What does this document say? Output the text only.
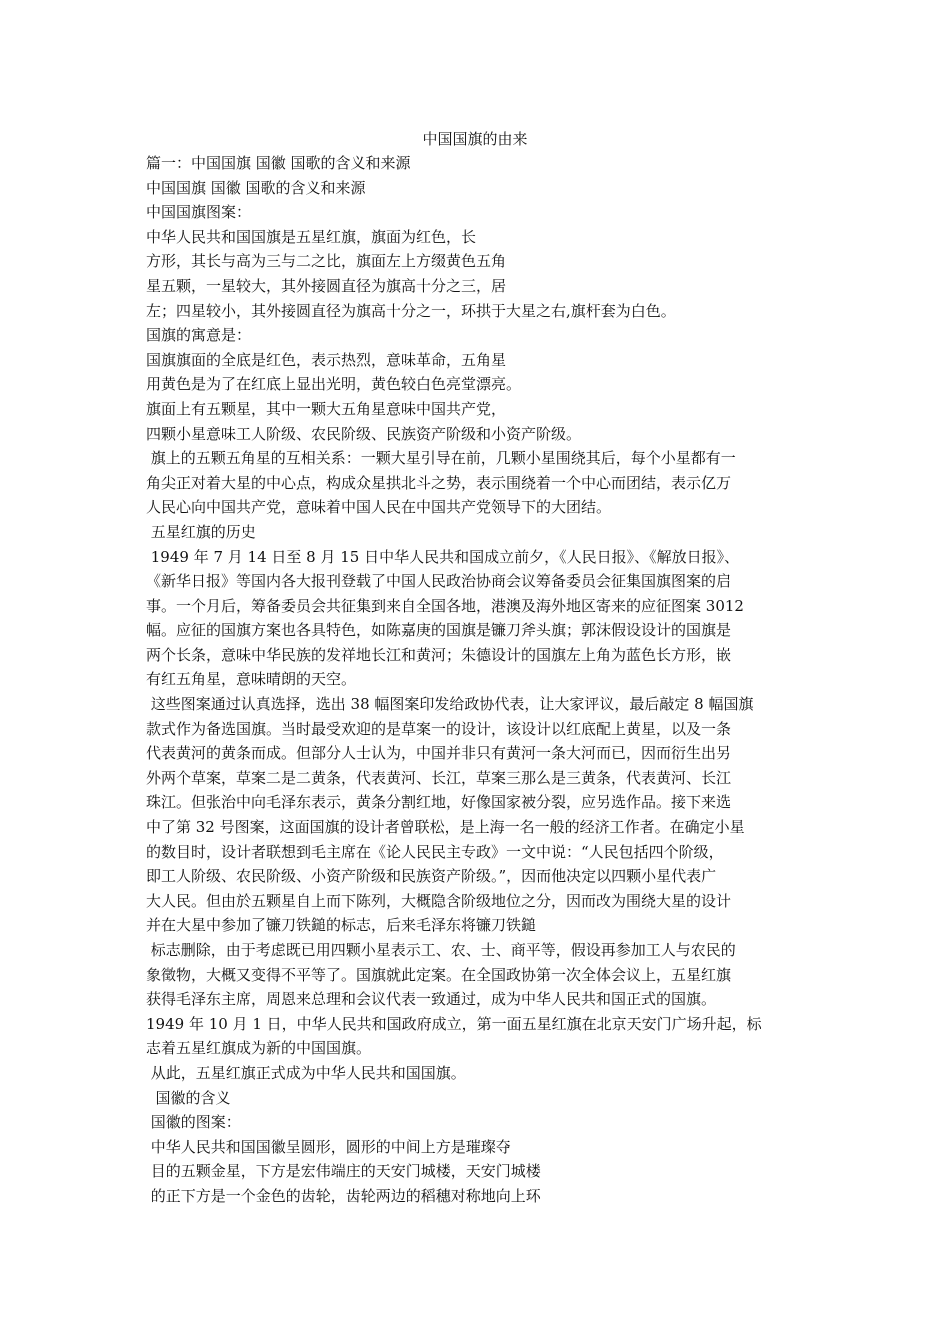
中国国旗的由来
篇一：中国国旗 国徽 国歌的含义和来源
中国国旗 国徽 国歌的含义和来源
中国国旗图案：
中华人民共和国国旗是五星红旗，旗面为红色，长
方形，其长与高为三与二之比，旗面左上方缀黄色五角
星五颗，一星较大，其外接圆直径为旗高十分之三，居
左；四星较小，其外接圆直径为旗高十分之一，环拱于大星之右,旗杆套为白色。
国旗的寓意是：
国旗旗面的全底是红色，表示热烈，意味革命，五角星
用黄色是为了在红底上显出光明，黄色较白色亮堂漂亮。
旗面上有五颗星，其中一颗大五角星意味中国共产党，
四颗小星意味工人阶级、农民阶级、民族资产阶级和小资产阶级。
旗上的五颗五角星的互相关系：一颗大星引导在前，几颗小星围绕其后，每个小星都有一
角尖正对着大星的中心点，构成众星拱北斗之势，表示围绕着一个中心而团结，表示亿万
人民心向中国共产党，意味着中国人民在中国共产党领导下的大团结。
五星红旗的历史
1949 年 7 月 14 日至 8 月 15 日中华人民共和国成立前夕，《人民日报》、《解放日报》、
《新华日报》等国内各大报刊登载了中国人民政治协商会议筹备委员会征集国旗图案的启
事。一个月后，筹备委员会共征集到来自全国各地，港澳及海外地区寄来的应征图案 3012
幅。应征的国旗方案也各具特色，如陈嘉庚的国旗是镰刀斧头旗；郭沫假设设计的国旗是
两个长条，意味中华民族的发祥地长江和黄河；朱德设计的国旗左上角为蓝色长方形，嵌
有红五角星，意味晴朗的天空。
这些图案通过认真选择，选出 38 幅图案印发给政协代表，让大家评议，最后敲定 8 幅国旗
款式作为备选国旗。当时最受欢迎的是草案一的设计，该设计以红底配上黄星，以及一条
代表黄河的黄条而成。但部分人士认为，中国并非只有黄河一条大河而已，因而衍生出另
外两个草案，草案二是二黄条，代表黄河、长江，草案三那么是三黄条，代表黄河、长江
珠江。但张治中向毛泽东表示，黄条分割红地，好像国家被分裂，应另选作品。接下来选
中了第 32 号图案，这面国旗的设计者曾联松，是上海一名一般的经济工作者。在确定小星
的数目时，设计者联想到毛主席在《论人民民主专政》一文中说：“人民包括四个阶级，
即工人阶级、农民阶级、小资产阶级和民族资产阶级。”，因而他决定以四颗小星代表广
大人民。但由於五颗星自上而下陈列，大概隐含阶级地位之分，因而改为围绕大星的设计
并在大星中参加了镰刀铁鎚的标志，后来毛泽东将镰刀铁鎚
标志删除，由于考虑既已用四颗小星表示工、农、士、商平等，假设再参加工人与农民的
象徵物，大概又变得不平等了。国旗就此定案。在全国政协第一次全体会议上，五星红旗
获得毛泽东主席，周恩来总理和会议代表一致通过，成为中华人民共和国正式的国旗。
1949 年 10 月 1 日，中华人民共和国政府成立，第一面五星红旗在北京天安门广场升起，标
志着五星红旗成为新的中国国旗。
从此，五星红旗正式成为中华人民共和国国旗。
国徽的含义
国徽的图案：
中华人民共和国国徽呈圆形，圆形的中间上方是璀璨夺
目的五颗金星，下方是宏伟端庄的天安门城楼，天安门城楼
的正下方是一个金色的齿轮，齿轮两边的稻穗对称地向上环
